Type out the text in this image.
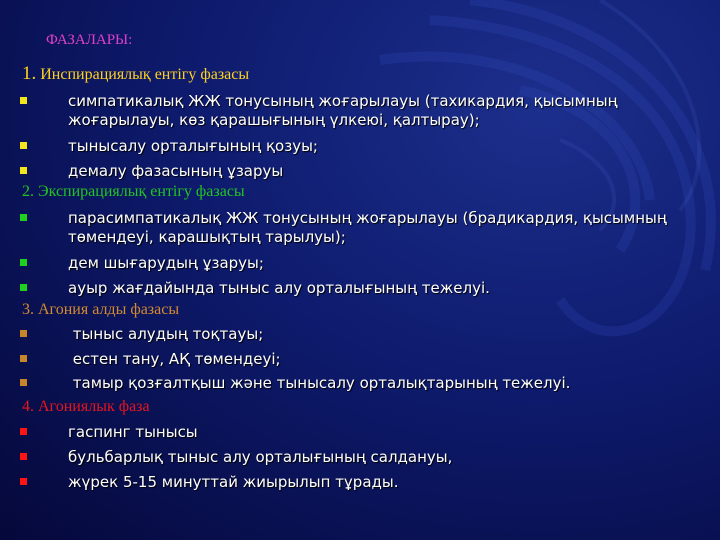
ФАЗАЛАРЫ:
1. Инспирациялық ентігу фазасы
симпатикалық ЖЖ тонусының жоғарылауы (тахикардия, қысымның жоғарылауы, көз қарашығының үлкеюі, қалтырау);
тынысалу орталығының қозуы;
демалу фазасының ұзаруы
2. Экспирациялық ентігу фазасы
парасимпатикалық ЖЖ тонусының жоғарылауы (брадикардия, қысымның төмендеуі, карашықтың тарылуы);
дем шығарудың ұзаруы;
ауыр жағдайында тыныс алу орталығының тежелуі.
3. Агония алды фазасы
тыныс алудың тоқтауы;
естен тану, АҚ төмендеуі;
тамыр қозғалтқыш және тынысалу орталықтарының тежелуі.
4. Агониялык фаза
гаспинг тынысы
бульбарлық тыныс алу орталығының салдануы,
жүрек 5-15 минуттай жиырылып тұрады.
